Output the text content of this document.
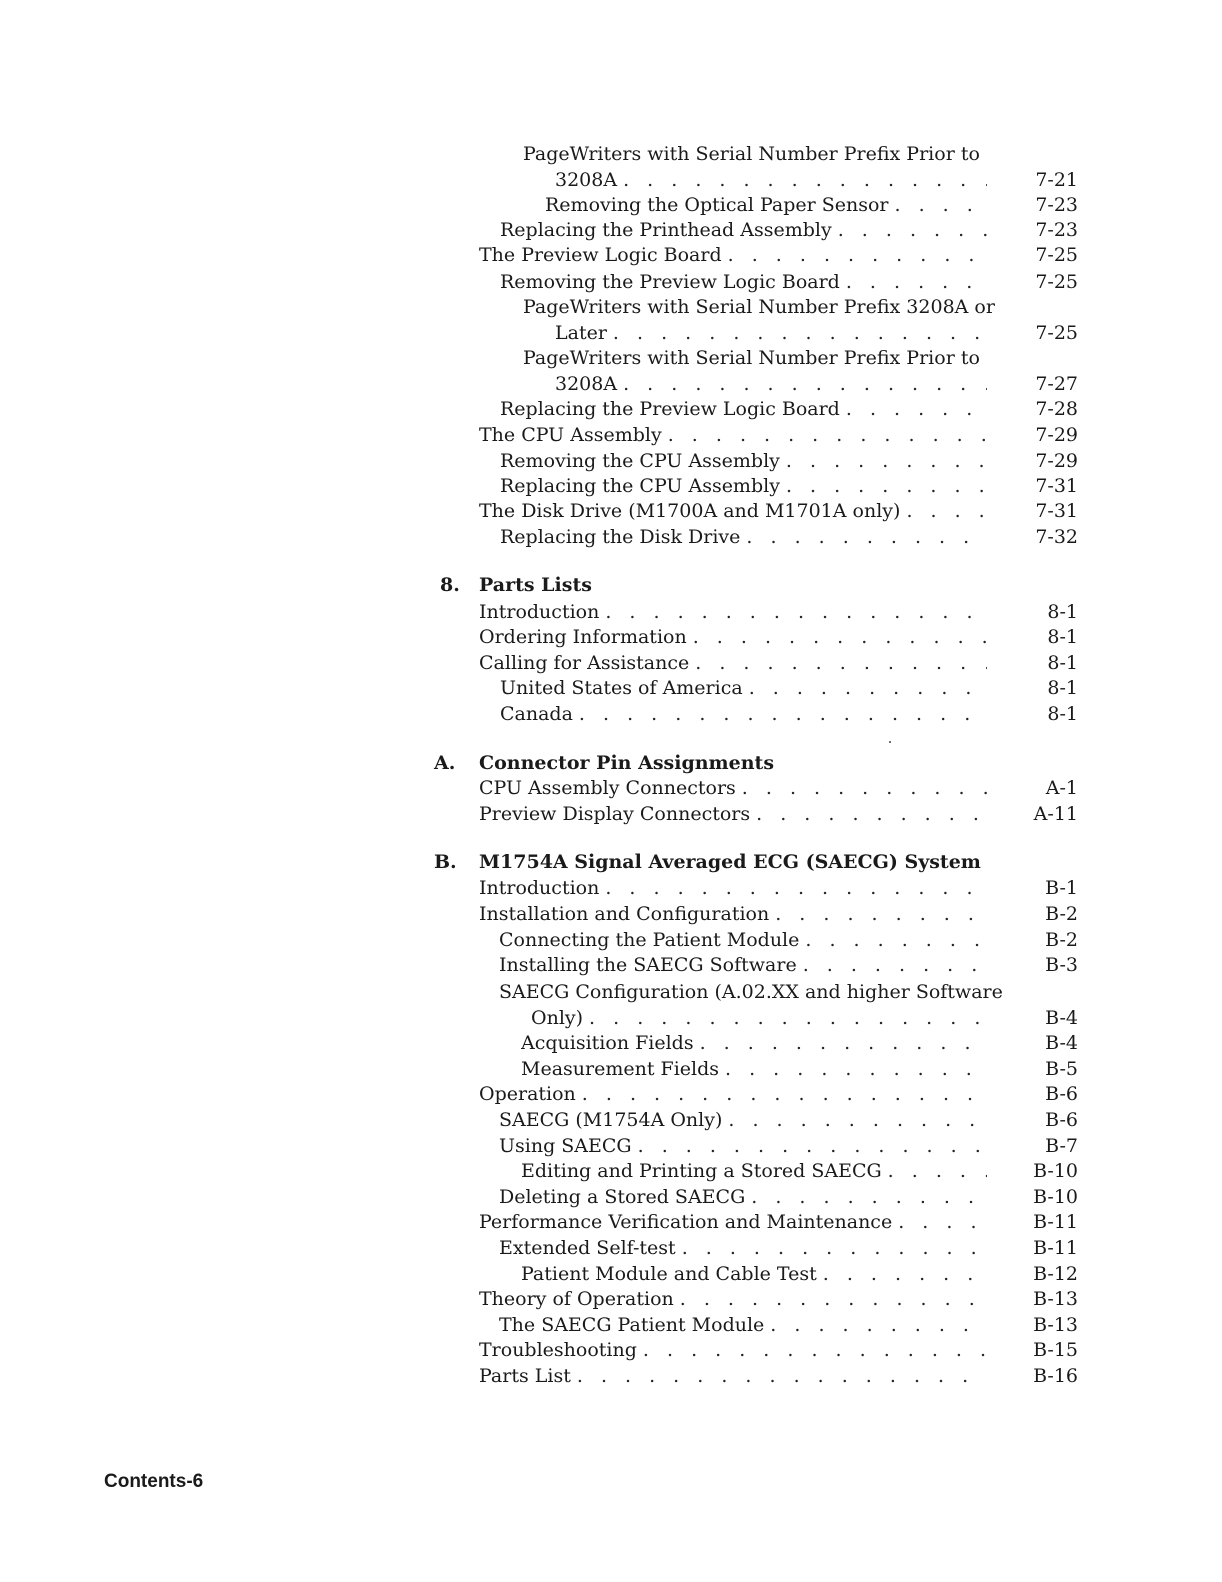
PageWriters with Serial Number Prefix Prior to
3208A . . .	7-21
Removing the Optical Paper Sensor . . .	7-23
Replacing the Printhead Assembly . . .	7-23
The Preview Logic Board . . .	7-25
Removing the Preview Logic Board . . .	7-25
PageWriters with Serial Number Prefix 3208A or
Later . . .	7-25
PageWriters with Serial Number Prefix Prior to
3208A . . .	7-27
Replacing the Preview Logic Board . . .	7-28
The CPU Assembly . . .	7-29
Removing the CPU Assembly . . .	7-29
Replacing the CPU Assembly . . .	7-31
The Disk Drive (M1700A and M1701A only) . . .	7-31
Replacing the Disk Drive . . .	7-32
8.	Parts Lists
Introduction . . .	8-1
Ordering Information . . .	8-1
Calling for Assistance . . .	8-1
United States of America . . .	8-1
Canada . . .	8-1
A.	Connector Pin Assignments
CPU Assembly Connectors . . .	A-1
Preview Display Connectors . . .	A-11
B.	M1754A Signal Averaged ECG (SAECG) System
Introduction . . .	B-1
Installation and Configuration . . .	B-2
Connecting the Patient Module . . .	B-2
Installing the SAECG Software . . .	B-3
SAECG Configuration (A.02.XX and higher Software
Only) . . .	B-4
Acquisition Fields . . .	B-4
Measurement Fields . . .	B-5
Operation . . .	B-6
SAECG (M1754A Only) . . .	B-6
Using SAECG . . .	B-7
Editing and Printing a Stored SAECG . . .	B-10
Deleting a Stored SAECG . . .	B-10
Performance Verification and Maintenance . . .	B-11
Extended Self-test . . .	B-11
Patient Module and Cable Test . . .	B-12
Theory of Operation . . .	B-13
The SAECG Patient Module . . .	B-13
Troubleshooting . . .	B-15
Parts List . . .	B-16
Contents-6
